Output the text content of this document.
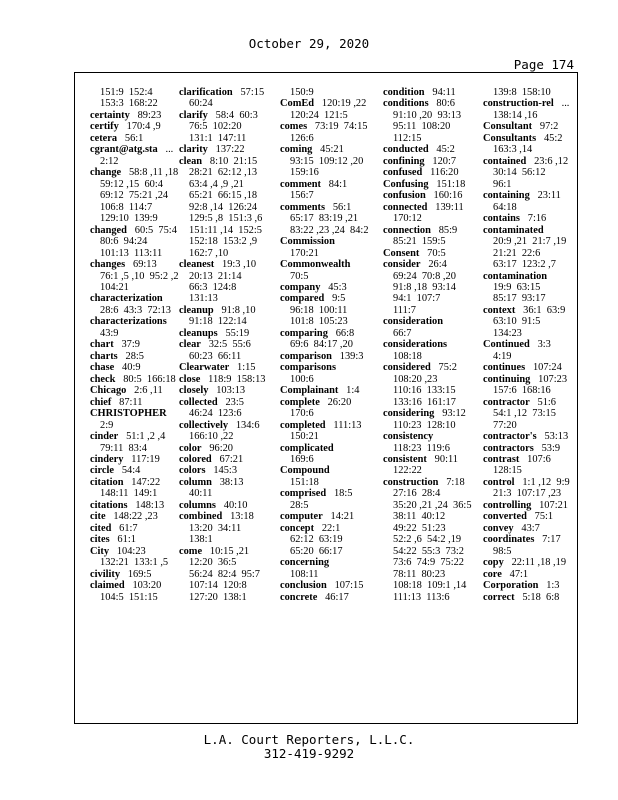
October 29, 2020
Page 174
151:9  152:4
153:3  168:22
certainty 89:23
certify 170:4 ,9
cetera 56:1
cgrant@atg.sta ...
2:12
change 58:8 ,11 ,18
59:12 ,15  60:4
69:12  75:21 ,24
106:8  114:7
129:10  139:9
changed 60:5  75:4
80:6  94:24
101:13  113:11
changes 69:13
76:1 ,5 ,10  95:2 ,2
104:21
characterization
28:6  43:3  72:13
characterizations
43:9
chart 37:9
charts 28:5
chase 40:9
check 80:5  166:18
Chicago 2:6 ,11
chief 87:11
CHRISTOPHER
2:9
cinder 51:1 ,2 ,4
79:11  83:4
cindery 117:19
circle 54:4
citation 147:22
148:11  149:1
citations 148:13
cite 148:22 ,23
cited 61:7
cites 61:1
City 104:23
132:21  133:1 ,5
civility 169:5
claimed 103:20
104:5  151:15
clarification 57:15
60:24
clarify 58:4  60:3
76:5  102:20
131:1  147:11
clarity 137:22
clean 8:10  21:15
28:21  62:12 ,13
63:4 ,4 ,9 ,21
65:21  66:15 ,18
92:8 ,14  126:24
129:5 ,8  151:3 ,6
151:11 ,14  152:5
152:18  153:2 ,9
162:7 ,10
cleanest 19:3 ,10
20:13  21:14
66:3  124:8
131:13
cleanup 91:8 ,10
91:18  122:14
cleanups 55:19
clear 32:5  55:6
60:23  66:11
Clearwater 1:15
close 118:9  158:13
closely 103:13
collected 23:5
46:24  123:6
collectively 134:6
166:10 ,22
color 96:20
colored 67:21
colors 145:3
column 38:13
40:11
columns 40:10
combined 13:18
13:20  34:11
138:1
come 10:15 ,21
12:20  36:5
56:24  82:4  95:7
107:14  120:8
127:20  138:1
150:9
ComEd 120:19 ,22
120:24  121:5
comes 73:19  74:15
126:6
coming 45:21
93:15  109:12 ,20
159:16
comment 84:1
156:7
comments 56:1
65:17  83:19 ,21
83:22 ,23 ,24  84:2
Commission
170:21
Commonwealth
70:5
company 45:3
compared 9:5
96:18  100:11
101:8  105:23
comparing 66:8
69:6  84:17 ,20
comparison 139:3
comparisons
100:6
Complainant 1:4
complete 26:20
170:6
completed 111:13
150:21
complicated
169:6
Compound
151:18
comprised 18:5
28:5
computer 14:21
concept 22:1
62:12  63:19
65:20  66:17
concerning
108:11
conclusion 107:15
concrete 46:17
condition 94:11
conditions 80:6
91:10 ,20  93:13
95:11  108:20
112:15
conducted 45:2
confining 120:7
confused 116:20
Confusing 151:18
confusion 160:16
connected 139:11
170:12
connection 85:9
85:21  159:5
Consent 70:5
consider 26:4
69:24  70:8 ,20
91:8 ,18  93:14
94:1  107:7
111:7
consideration
66:7
considerations
108:18
considered 75:2
108:20 ,23
110:16  133:15
133:16  161:17
considering 93:12
110:23  128:10
consistency
118:23  119:6
consistent 90:11
122:22
construction 7:18
27:16  28:4
35:20 ,21 ,24  36:5
38:11  40:12
49:22  51:23
52:2 ,6  54:2 ,19
54:22  55:3  73:2
73:6  74:9  75:22
78:11  80:23
108:18  109:1 ,14
111:13  113:6
139:8  158:10
construction-rel ...
138:14 ,16
Consultant 97:2
Consultants 45:2
163:3 ,14
contained 23:6 ,12
30:14  56:12
96:1
containing 23:11
64:18
contains 7:16
contaminated
20:9 ,21  21:7 ,19
21:21  22:6
63:17  123:2 ,7
contamination
19:9  63:15
85:17  93:17
context 36:1  63:9
63:10  91:5
134:23
Continued 3:3
4:19
continues 107:24
continuing 107:23
157:6  168:16
contractor 51:6
54:1 ,12  73:15
77:20
contractor's 53:13
contractors 53:9
contrast 107:6
128:15
control 1:1 ,12  9:9
21:3  107:17 ,23
controlling 107:21
converted 75:1
convey 43:7
coordinates 7:17
98:5
copy 22:11 ,18 ,19
core 47:1
Corporation 1:3
correct 5:18  6:8
L.A. Court Reporters, L.L.C.
312-419-9292
